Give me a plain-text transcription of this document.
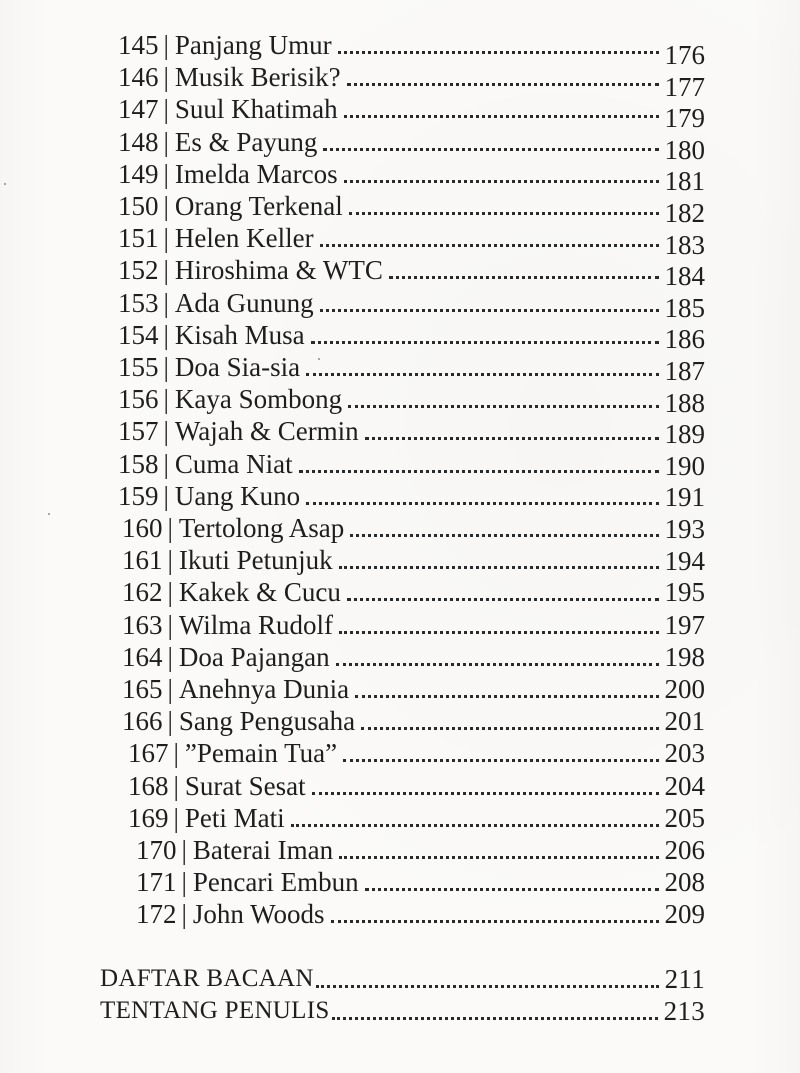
145 | Panjang Umur	176
146 | Musik Berisik?	177
147 | Suul Khatimah	179
148 | Es & Payung	180
149 | Imelda Marcos	181
150 | Orang Terkenal	182
151 | Helen Keller	183
152 | Hiroshima & WTC	184
153 | Ada Gunung	185
154 | Kisah Musa	186
155 | Doa Sia-sia	187
156 | Kaya Sombong	188
157 | Wajah & Cermin	189
158 | Cuma Niat	190
159 | Uang Kuno	191
160 | Tertolong Asap	193
161 | Ikuti Petunjuk	194
162 | Kakek & Cucu	195
163 | Wilma Rudolf	197
164 | Doa Pajangan	198
165 | Anehnya Dunia	200
166 | Sang Pengusaha	201
167 | ”Pemain Tua”	203
168 | Surat Sesat	204
169 | Peti Mati	205
170 | Baterai Iman	206
171 | Pencari Embun	208
172 | John Woods	209
DAFTAR BACAAN	211
TENTANG PENULIS	213
